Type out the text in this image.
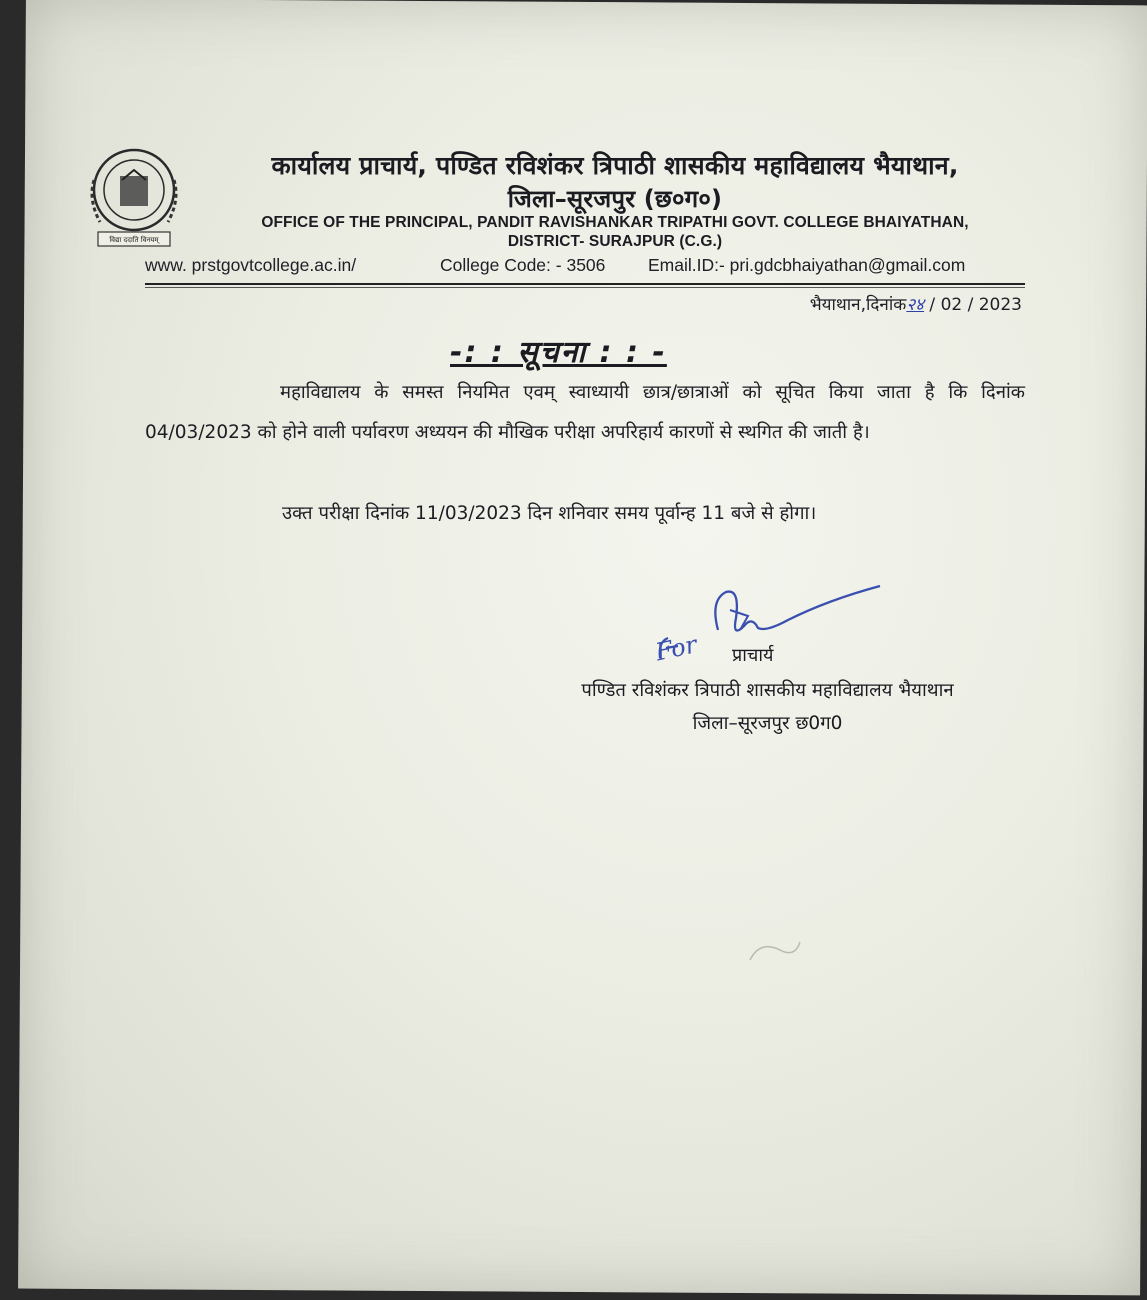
विद्या ददाति विनयम्
कार्यालय प्राचार्य, पण्डित रविशंकर त्रिपाठी शासकीय महाविद्यालय भैयाथान,
जिला–सूरजपुर (छ०ग०)
OFFICE OF THE PRINCIPAL, PANDIT RAVISHANKAR TRIPATHI GOVT. COLLEGE BHAIYATHAN,
DISTRICT- SURAJPUR (C.G.)
www. prstgovtcollege.ac.in/	College Code: - 3506 Email.ID:- pri.gdcbhaiyathan@gmail.com
भैयाथान,दिनांक२४ / 02 / 2023
-: : सूचना : : -
महाविद्यालय के समस्त नियमित एवम् स्वाध्यायी छात्र/छात्राओं को सूचित किया जाता है कि दिनांक 04/03/2023 को होने वाली पर्यावरण अध्ययन की मौखिक परीक्षा अपरिहार्य कारणों से स्थगित की जाती है।
उक्त परीक्षा दिनांक 11/03/2023 दिन शनिवार समय पूर्वान्ह 11 बजे से होगा।
For प्राचार्य
पण्डित रविशंकर त्रिपाठी शासकीय महाविद्यालय भैयाथान
जिला–सूरजपुर छ0ग0
